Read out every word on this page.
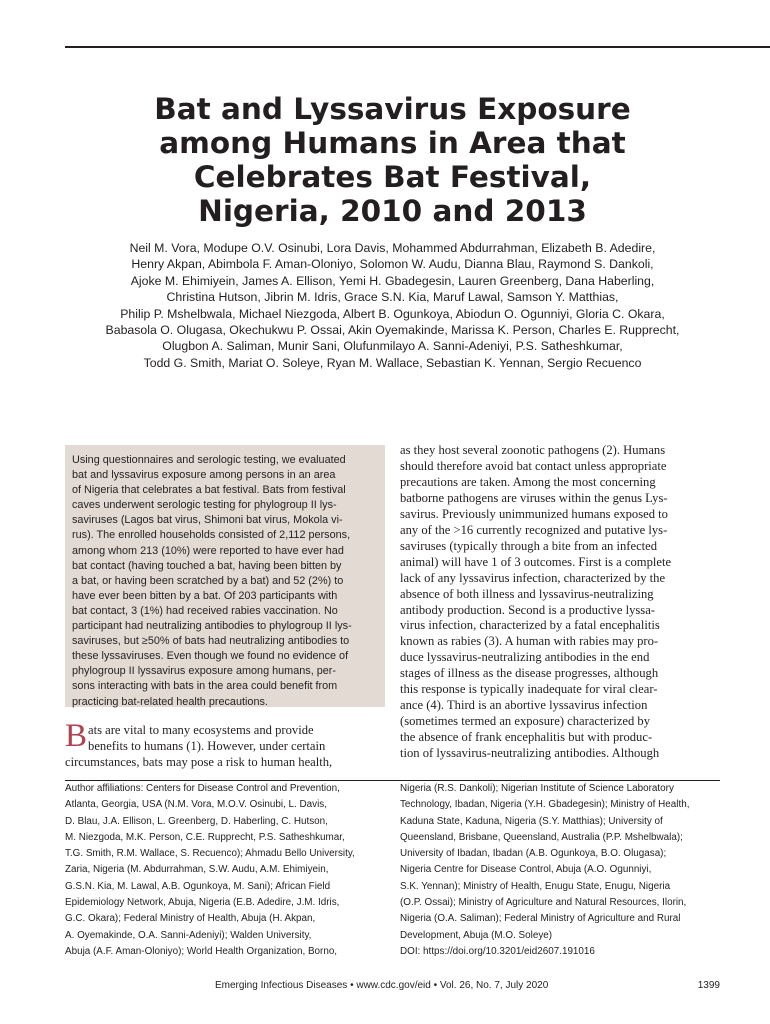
Bat and Lyssavirus Exposure
among Humans in Area that
Celebrates Bat Festival,
Nigeria, 2010 and 2013
Neil M. Vora, Modupe O.V. Osinubi, Lora Davis, Mohammed Abdurrahman, Elizabeth B. Adedire,
Henry Akpan, Abimbola F. Aman-Oloniyo, Solomon W. Audu, Dianna Blau, Raymond S. Dankoli,
Ajoke M. Ehimiyein, James A. Ellison, Yemi H. Gbadegesin, Lauren Greenberg, Dana Haberling,
Christina Hutson, Jibrin M. Idris, Grace S.N. Kia, Maruf Lawal, Samson Y. Matthias,
Philip P. Mshelbwala, Michael Niezgoda, Albert B. Ogunkoya, Abiodun O. Ogunniyi, Gloria C. Okara,
Babasola O. Olugasa, Okechukwu P. Ossai, Akin Oyemakinde, Marissa K. Person, Charles E. Rupprecht,
Olugbon A. Saliman, Munir Sani, Olufunmilayo A. Sanni-Adeniyi, P.S. Satheshkumar,
Todd G. Smith, Mariat O. Soleye, Ryan M. Wallace, Sebastian K. Yennan, Sergio Recuenco
Using questionnaires and serologic testing, we evaluated
bat and lyssavirus exposure among persons in an area
of Nigeria that celebrates a bat festival. Bats from festival
caves underwent serologic testing for phylogroup II lys-
saviruses (Lagos bat virus, Shimoni bat virus, Mokola vi-
rus). The enrolled households consisted of 2,112 persons,
among whom 213 (10%) were reported to have ever had
bat contact (having touched a bat, having been bitten by
a bat, or having been scratched by a bat) and 52 (2%) to
have ever been bitten by a bat. Of 203 participants with
bat contact, 3 (1%) had received rabies vaccination. No
participant had neutralizing antibodies to phylogroup II lys-
saviruses, but ≥50% of bats had neutralizing antibodies to
these lyssaviruses. Even though we found no evidence of
phylogroup II lyssavirus exposure among humans, per-
sons interacting with bats in the area could benefit from
practicing bat-related health precautions.
B ats are vital to many ecosystems and provide
benefits to humans (1). However, under certain
circumstances, bats may pose a risk to human health,
as they host several zoonotic pathogens (2). Humans
should therefore avoid bat contact unless appropriate
precautions are taken. Among the most concerning
batborne pathogens are viruses within the genus Lys-
savirus. Previously unimmunized humans exposed to
any of the >16 currently recognized and putative lys-
saviruses (typically through a bite from an infected
animal) will have 1 of 3 outcomes. First is a complete
lack of any lyssavirus infection, characterized by the
absence of both illness and lyssavirus-neutralizing
antibody production. Second is a productive lyssa-
virus infection, characterized by a fatal encephalitis
known as rabies (3). A human with rabies may pro-
duce lyssavirus-neutralizing antibodies in the end
stages of illness as the disease progresses, although
this response is typically inadequate for viral clear-
ance (4). Third is an abortive lyssavirus infection
(sometimes termed an exposure) characterized by
the absence of frank encephalitis but with produc-
tion of lyssavirus-neutralizing antibodies. Although
Author affiliations: Centers for Disease Control and Prevention,
Atlanta, Georgia, USA (N.M. Vora, M.O.V. Osinubi, L. Davis,
D. Blau, J.A. Ellison, L. Greenberg, D. Haberling, C. Hutson,
M. Niezgoda, M.K. Person, C.E. Rupprecht, P.S. Satheshkumar,
T.G. Smith, R.M. Wallace, S. Recuenco); Ahmadu Bello University,
Zaria, Nigeria (M. Abdurrahman, S.W. Audu, A.M. Ehimiyein,
G.S.N. Kia, M. Lawal, A.B. Ogunkoya, M. Sani); African Field
Epidemiology Network, Abuja, Nigeria (E.B. Adedire, J.M. Idris,
G.C. Okara); Federal Ministry of Health, Abuja (H. Akpan,
A. Oyemakinde, O.A. Sanni-Adeniyi); Walden University,
Abuja (A.F. Aman-Oloniyo); World Health Organization, Borno,
Nigeria (R.S. Dankoli); Nigerian Institute of Science Laboratory
Technology, Ibadan, Nigeria (Y.H. Gbadegesin); Ministry of Health,
Kaduna State, Kaduna, Nigeria (S.Y. Matthias); University of
Queensland, Brisbane, Queensland, Australia (P.P. Mshelbwala);
University of Ibadan, Ibadan (A.B. Ogunkoya, B.O. Olugasa);
Nigeria Centre for Disease Control, Abuja (A.O. Ogunniyi,
S.K. Yennan); Ministry of Health, Enugu State, Enugu, Nigeria
(O.P. Ossai); Ministry of Agriculture and Natural Resources, Ilorin,
Nigeria (O.A. Saliman); Federal Ministry of Agriculture and Rural
Development, Abuja (M.O. Soleye)
DOI: https://doi.org/10.3201/eid2607.191016
Emerging Infectious Diseases • www.cdc.gov/eid • Vol. 26, No. 7, July 2020	1399
